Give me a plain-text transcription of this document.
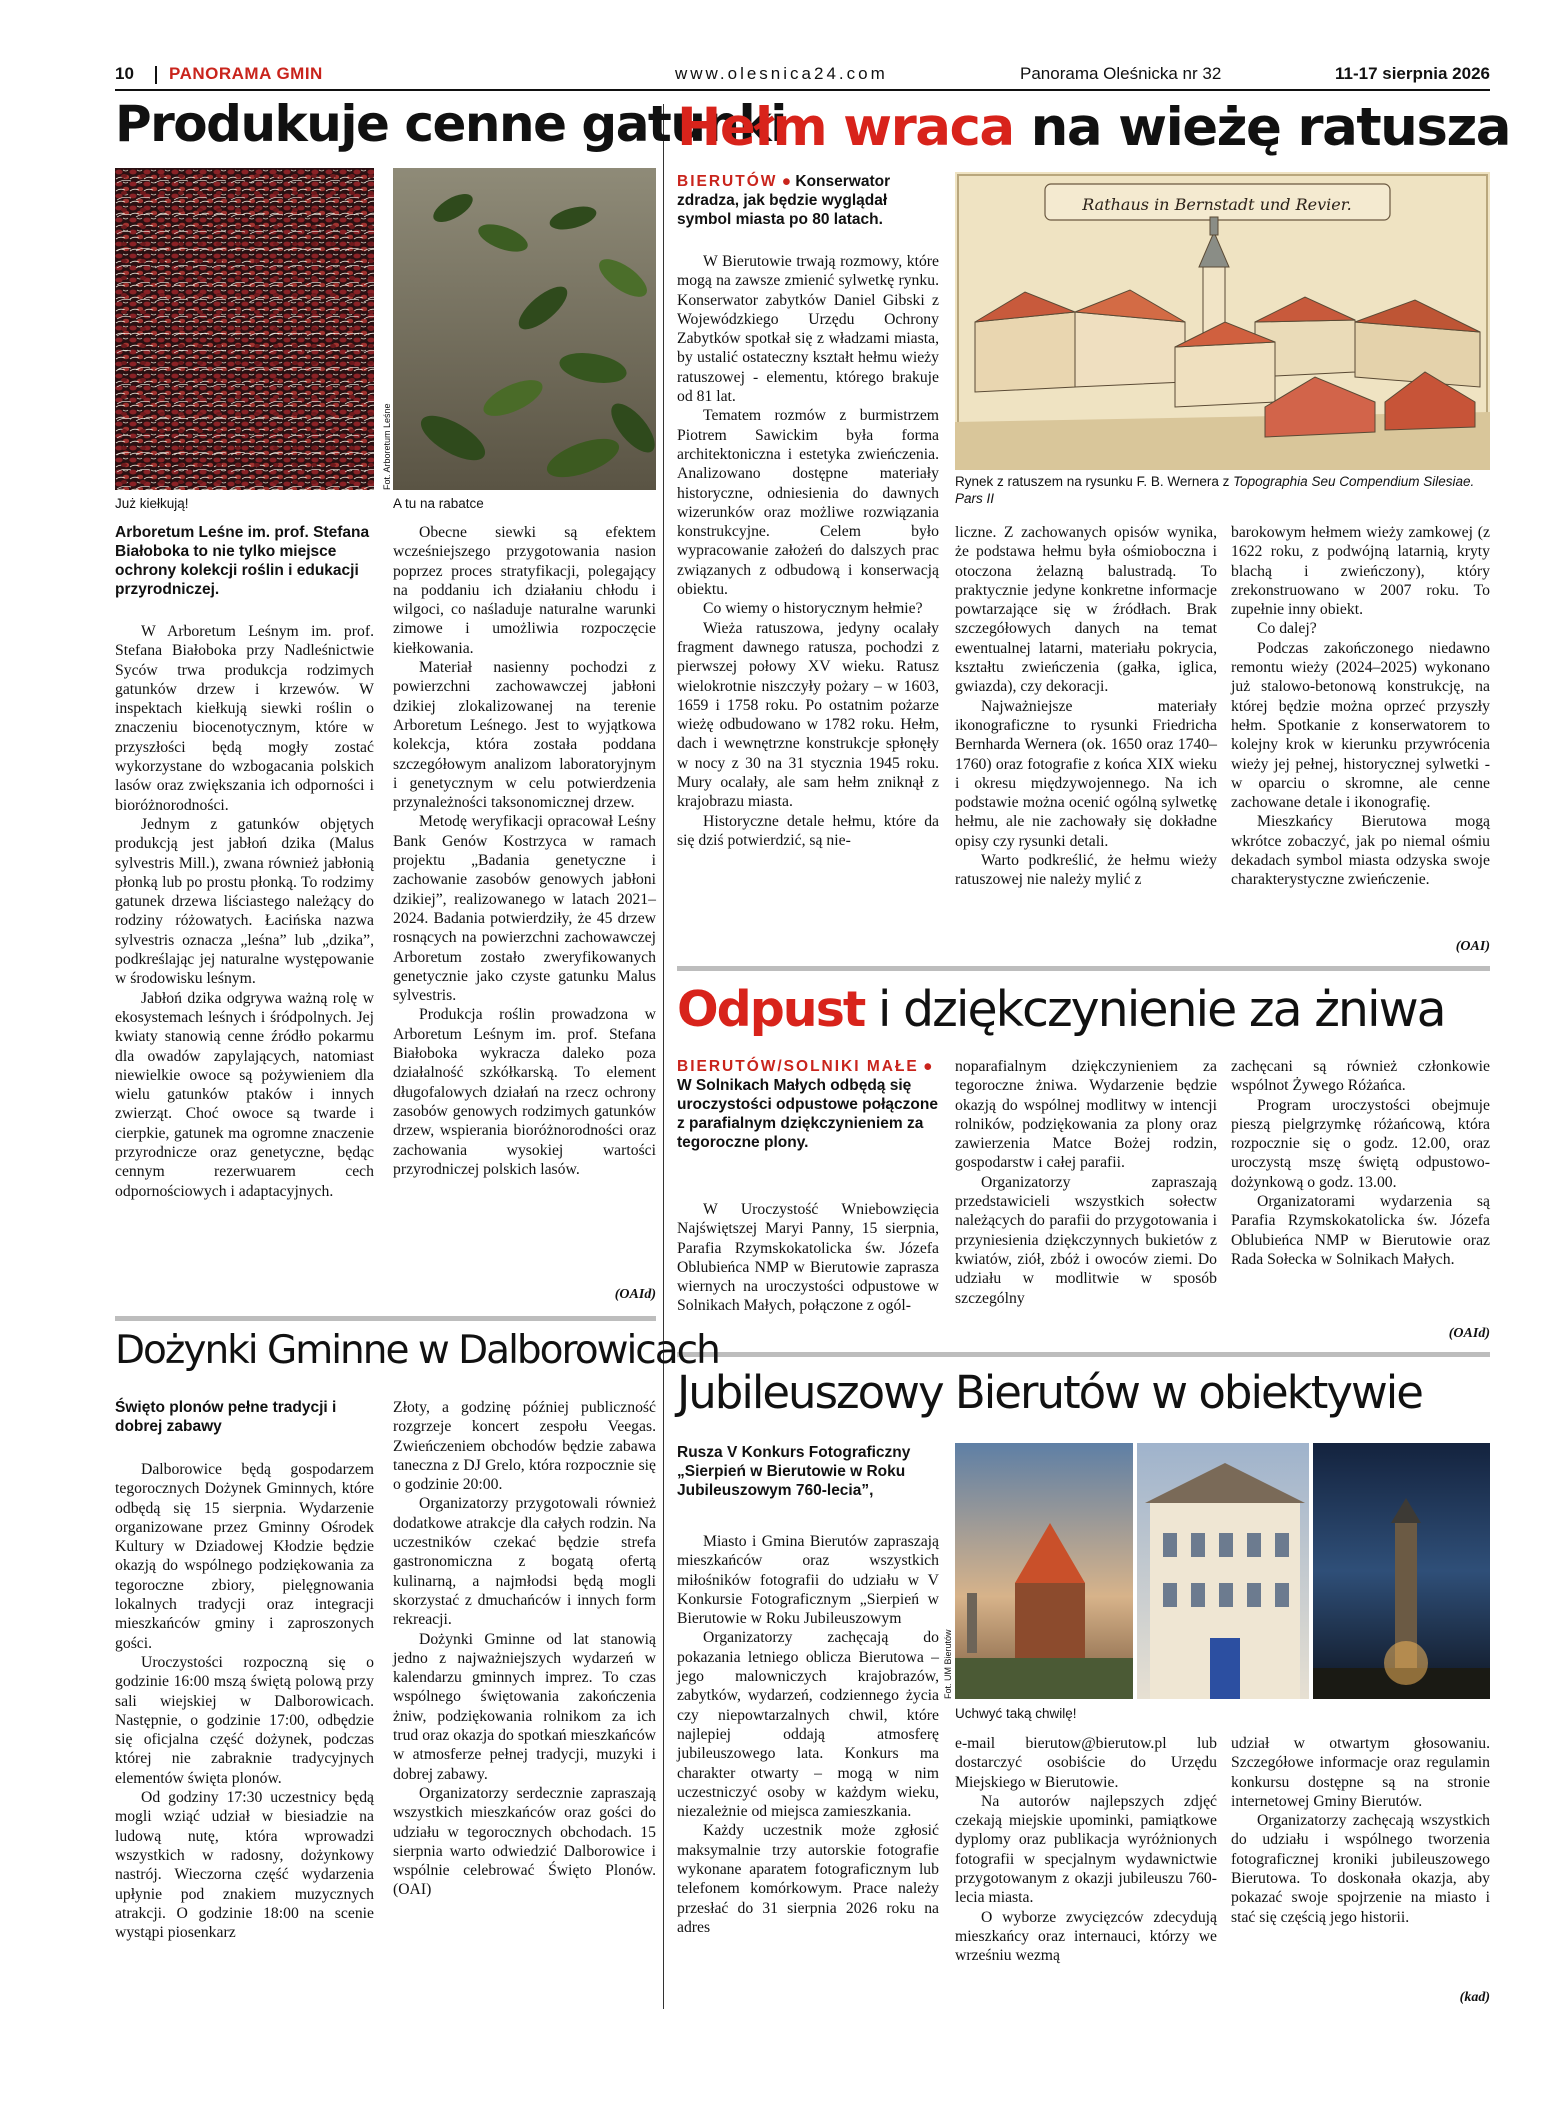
10 PANORAMA GMIN	www.olesnica24.com	Panorama Oleśnicka nr 32	11-17 sierpnia 2026
Produkuje cenne gatunki
Już kiełkują!
Fot. Arboretum Leśne
A tu na rabatce
Arboretum Leśne im. prof. Stefana Białoboka to nie tylko miejsce ochrony kolekcji roślin i edukacji przyrodniczej.

W Arboretum Leśnym im. prof. Stefana Białoboka przy Nadleśnictwie Syców trwa produkcja rodzimych gatunków drzew i krzewów. W inspektach kiełkują siewki roślin o znaczeniu biocenotycznym, które w przyszłości będą mogły zostać wykorzystane do wzbogacania polskich lasów oraz zwiększania ich odporności i bioróżnorodności.

Jednym z gatunków objętych produkcją jest jabłoń dzika (Malus sylvestris Mill.), zwana również jabłonią płonką lub po prostu płonką. To rodzimy gatunek drzewa liściastego należący do rodziny różowatych. Łacińska nazwa sylvestris oznacza „leśna” lub „dzika”, podkreślając jej naturalne występowanie w środowisku leśnym.

Jabłoń dzika odgrywa ważną rolę w ekosystemach leśnych i śródpolnych. Jej kwiaty stanowią cenne źródło pokarmu dla owadów zapylających, natomiast niewielkie owoce są pożywieniem dla wielu gatunków ptaków i innych zwierząt. Choć owoce są twarde i cierpkie, gatunek ma ogromne znaczenie przyrodnicze oraz genetyczne, będąc cennym rezerwuarem cech odpornościowych i adaptacyjnych.

Obecne siewki są efektem wcześniejszego przygotowania nasion poprzez proces stratyfikacji, polegający na poddaniu ich działaniu chłodu i wilgoci, co naśladuje naturalne warunki zimowe i umożliwia rozpoczęcie kiełkowania.

Materiał nasienny pochodzi z powierzchni zachowawczej jabłoni dzikiej zlokalizowanej na terenie Arboretum Leśnego. Jest to wyjątkowa kolekcja, która została poddana szczegółowym analizom laboratoryjnym i genetycznym w celu potwierdzenia przynależności taksonomicznej drzew.

Metodę weryfikacji opracował Leśny Bank Genów Kostrzyca w ramach projektu „Badania genetyczne i zachowanie zasobów genowych jabłoni dzikiej”, realizowanego w latach 2021–2024. Badania potwierdziły, że 45 drzew rosnących na powierzchni zachowawczej Arboretum zostało zweryfikowanych genetycznie jako czyste gatunku Malus sylvestris.

Produkcja roślin prowadzona w Arboretum Leśnym im. prof. Stefana Białoboka wykracza daleko poza działalność szkółkarską. To element długofalowych działań na rzecz ochrony zasobów genowych rodzimych gatunków drzew, wspierania bioróżnorodności oraz zachowania wysokiej wartości przyrodniczej polskich lasów.

(OAId)
Hełm wraca na wieżę ratusza
BIERUTÓW ● Konserwator zdradza, jak będzie wyglądał symbol miasta po 80 latach.
Rathaus in Bernstadt und Revier.
Rynek z ratuszem na rysunku F. B. Wernera z Topographia Seu Compendium Silesiae. Pars II

W Bierutowie trwają rozmowy, które mogą na zawsze zmienić sylwetkę rynku. Konserwator zabytków Daniel Gibski z Wojewódzkiego Urzędu Ochrony Zabytków spotkał się z władzami miasta, by ustalić ostateczny kształt hełmu wieży ratuszowej - elementu, którego brakuje od 81 lat.

Tematem rozmów z burmistrzem Piotrem Sawickim była forma architektoniczna i estetyka zwieńczenia. Analizowano dostępne materiały historyczne, odniesienia do dawnych wizerunków oraz możliwe rozwiązania konstrukcyjne. Celem było wypracowanie założeń do dalszych prac związanych z odbudową i konserwacją obiektu.

Co wiemy o historycznym hełmie?

Wieża ratuszowa, jedyny ocalały fragment dawnego ratusza, pochodzi z pierwszej połowy XV wieku. Ratusz wielokrotnie niszczyły pożary – w 1603, 1659 i 1758 roku. Po ostatnim pożarze wieżę odbudowano w 1782 roku. Hełm, dach i wewnętrzne konstrukcje spłonęły w nocy z 30 na 31 stycznia 1945 roku. Mury ocalały, ale sam hełm zniknął z krajobrazu miasta.

Historyczne detale hełmu, które da się dziś potwierdzić, są nie-

liczne. Z zachowanych opisów wynika, że podstawa hełmu była ośmioboczna i otoczona żelazną balustradą. To praktycznie jedyne konkretne informacje powtarzające się w źródłach. Brak szczegółowych danych na temat ewentualnej latarni, materiału pokrycia, kształtu zwieńczenia (gałka, iglica, gwiazda), czy dekoracji.

Najważniejsze materiały ikonograficzne to rysunki Friedricha Bernharda Wernera (ok. 1650 oraz 1740–1760) oraz fotografie z końca XIX wieku i okresu międzywojennego. Na ich podstawie można ocenić ogólną sylwetkę hełmu, ale nie zachowały się dokładne opisy czy rysunki detali.

Warto podkreślić, że hełmu wieży ratuszowej nie należy mylić z

barokowym hełmem wieży zamkowej (z 1622 roku, z podwójną latarnią, kryty blachą i zwieńczony), który zrekonstruowano w 2007 roku. To zupełnie inny obiekt.

Co dalej?

Podczas zakończonego niedawno remontu wieży (2024–2025) wykonano już stalowo-betonową konstrukcję, na której będzie można oprzeć przyszły hełm. Spotkanie z konserwatorem to kolejny krok w kierunku przywrócenia wieży jej pełnej, historycznej sylwetki - w oparciu o skromne, ale cenne zachowane detale i ikonografię.

Mieszkańcy Bierutowa mogą wkrótce zobaczyć, jak po niemal ośmiu dekadach symbol miasta odzyska swoje charakterystyczne zwieńczenie.

(OAI)
Odpust i dziękczynienie za żniwa
BIERUTÓW/SOLNIKI MAŁE ● W Solnikach Małych odbędą się uroczystości odpustowe połączone z parafialnym dziękczynieniem za tegoroczne plony.

W Uroczystość Wniebowzięcia Najświętszej Maryi Panny, 15 sierpnia, Parafia Rzymskokatolicka św. Józefa Oblubieńca NMP w Bierutowie zaprasza wiernych na uroczystości odpustowe w Solnikach Małych, połączone z ogól-

noparafialnym dziękczynieniem za tegoroczne żniwa. Wydarzenie będzie okazją do wspólnej modlitwy w intencji rolników, podziękowania za plony oraz zawierzenia Matce Bożej rodzin, gospodarstw i całej parafii.

Organizatorzy zapraszają przedstawicieli wszystkich sołectw należących do parafii do przygotowania i przyniesienia dziękczynnych bukietów z kwiatów, ziół, zbóż i owoców ziemi. Do udziału w modlitwie w sposób szczególny

zachęcani są również członkowie wspólnot Żywego Różańca.

Program uroczystości obejmuje pieszą pielgrzymkę różańcową, która rozpocznie się o godz. 12.00, oraz uroczystą mszę świętą odpustowo-dożynkową o godz. 13.00.

Organizatorami wydarzenia są Parafia Rzymskokatolicka św. Józefa Oblubieńca NMP w Bierutowie oraz Rada Sołecka w Solnikach Małych.

(OAId)
Dożynki Gminne w Dalborowicach
Święto plonów pełne tradycji i dobrej zabawy

Dalborowice będą gospodarzem tegorocznych Dożynek Gminnych, które odbędą się 15 sierpnia. Wydarzenie organizowane przez Gminny Ośrodek Kultury w Dziadowej Kłodzie będzie okazją do wspólnego podziękowania za tegoroczne zbiory, pielęgnowania lokalnych tradycji oraz integracji mieszkańców gminy i zaproszonych gości.

Uroczystości rozpoczną się o godzinie 16:00 mszą świętą polową przy sali wiejskiej w Dalborowicach. Następnie, o godzinie 17:00, odbędzie się oficjalna część dożynek, podczas której nie zabraknie tradycyjnych elementów święta plonów.

Od godziny 17:30 uczestnicy będą mogli wziąć udział w biesiadzie na ludową nutę, która wprowadzi wszystkich w radosny, dożynkowy nastrój. Wieczorna część wydarzenia upłynie pod znakiem muzycznych atrakcji. O godzinie 18:00 na scenie wystąpi piosenkarz

Złoty, a godzinę później publiczność rozgrzeje koncert zespołu Veegas. Zwieńczeniem obchodów będzie zabawa taneczna z DJ Grelo, która rozpocznie się o godzinie 20:00.

Organizatorzy przygotowali również dodatkowe atrakcje dla całych rodzin. Na uczestników czekać będzie strefa gastronomiczna z bogatą ofertą kulinarną, a najmłodsi będą mogli skorzystać z dmuchańców i innych form rekreacji.

Dożynki Gminne od lat stanowią jedno z najważniejszych wydarzeń w kalendarzu gminnych imprez. To czas wspólnego świętowania zakończenia żniw, podziękowania rolnikom za ich trud oraz okazja do spotkań mieszkańców w atmosferze pełnej tradycji, muzyki i dobrej zabawy.

Organizatorzy serdecznie zapraszają wszystkich mieszkańców oraz gości do udziału w tegorocznych obchodach. 15 sierpnia warto odwiedzić Dalborowice i wspólnie celebrować Święto Plonów. (OAI)

Jubileuszowy Bierutów w obiektywie
Rusza V Konkurs Fotograficzny „Sierpień w Bierutowie w Roku Jubileuszowym 760-lecia”,
Fot. UM Bierutów
Uchwyć taką chwilę!

Miasto i Gmina Bierutów zapraszają mieszkańców oraz wszystkich miłośników fotografii do udziału w V Konkursie Fotograficznym „Sierpień w Bierutowie w Roku Jubileuszowym

Organizatorzy zachęcają do pokazania letniego oblicza Bierutowa – jego malowniczych krajobrazów, zabytków, wydarzeń, codziennego życia czy niepowtarzalnych chwil, które najlepiej oddają atmosferę jubileuszowego lata. Konkurs ma charakter otwarty – mogą w nim uczestniczyć osoby w każdym wieku, niezależnie od miejsca zamieszkania.

Każdy uczestnik może zgłosić maksymalnie trzy autorskie fotografie wykonane aparatem fotograficznym lub telefonem komórkowym. Prace należy przesłać do 31 sierpnia 2026 roku na adres

e-mail bierutow@bierutow.pl lub dostarczyć osobiście do Urzędu Miejskiego w Bierutowie.

Na autorów najlepszych zdjęć czekają miejskie upominki, pamiątkowe dyplomy oraz publikacja wyróżnionych fotografii w specjalnym wydawnictwie przygotowanym z okazji jubileuszu 760-lecia miasta.

O wyborze zwycięzców zdecydują mieszkańcy oraz internauci, którzy we wrześniu wezmą

udział w otwartym głosowaniu. Szczegółowe informacje oraz regulamin konkursu dostępne są na stronie internetowej Gminy Bierutów.

Organizatorzy zachęcają wszystkich do udziału i wspólnego tworzenia fotograficznej kroniki jubileuszowego Bierutowa. To doskonała okazja, aby pokazać swoje spojrzenie na miasto i stać się częścią jego historii.

(kad)
